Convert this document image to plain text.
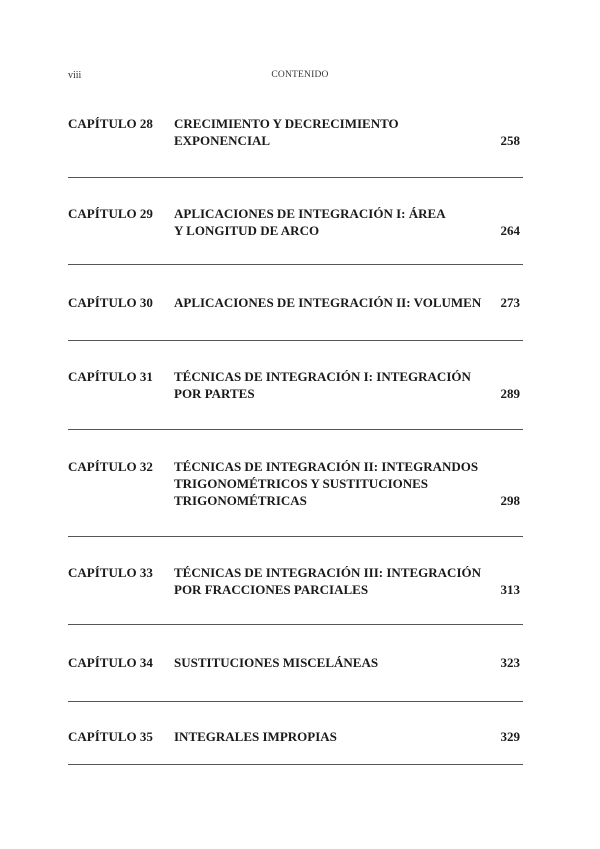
viii	CONTENIDO
CAPÍTULO 28 CRECIMIENTO Y DECRECIMIENTO
EXPONENCIAL	258
CAPÍTULO 29 APLICACIONES DE INTEGRACIÓN I: ÁREA
Y LONGITUD DE ARCO	264
CAPÍTULO 30 APLICACIONES DE INTEGRACIÓN II: VOLUMEN 273
CAPÍTULO 31 TÉCNICAS DE INTEGRACIÓN I: INTEGRACIÓN
POR PARTES	289
CAPÍTULO 32 TÉCNICAS DE INTEGRACIÓN II: INTEGRANDOS
TRIGONOMÉTRICOS Y SUSTITUCIONES
TRIGONOMÉTRICAS	298
CAPÍTULO 33 TÉCNICAS DE INTEGRACIÓN III: INTEGRACIÓN
POR FRACCIONES PARCIALES	313
CAPÍTULO 34 SUSTITUCIONES MISCELÁNEAS	323
CAPÍTULO 35 INTEGRALES IMPROPIAS	329
